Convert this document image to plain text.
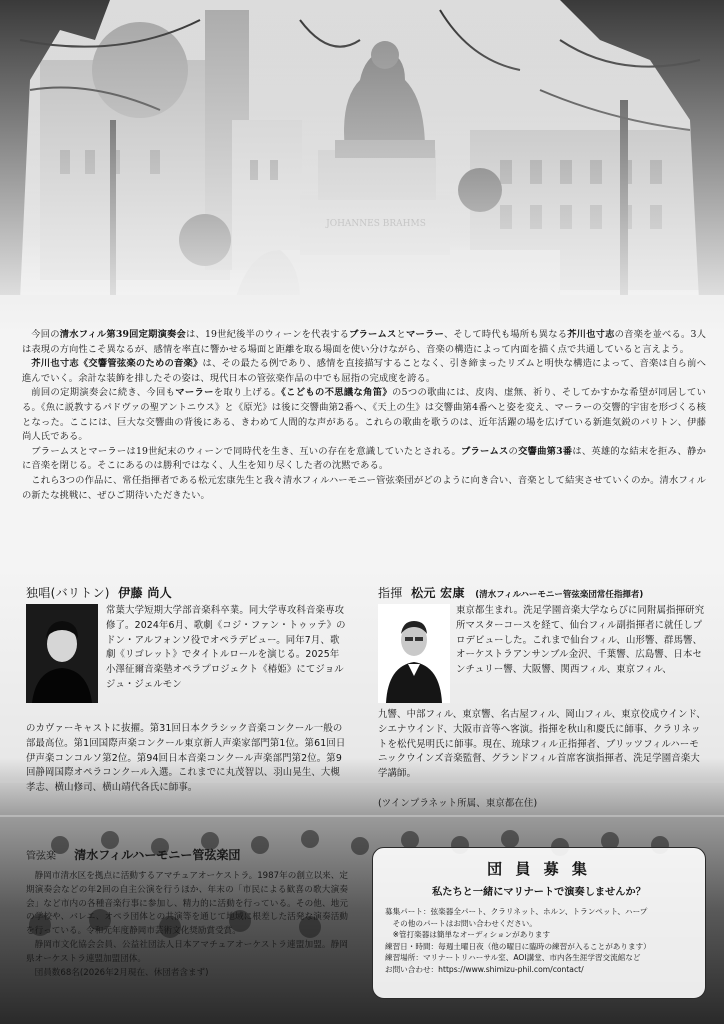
今回の清水フィル第39回定期演奏会は、19世紀後半のウィーンを代表するブラームスとマーラー、そして時代も場所も異なる芥川也寸志の音楽を並べる。3人は表現の方向性こそ異なるが、感情を率直に響かせる場面と距離を取る場面を使い分けながら、音楽の構造によって内面を描く点で共通していると言えよう。

芥川也寸志《交響管弦楽のための音楽》は、その最たる例であり、感情を直接描写することなく、引き締まったリズムと明快な構造によって、音楽は自ら前へ進んでいく。余計な装飾を排したその姿は、現代日本の管弦楽作品の中でも屈指の完成度を誇る。

前回の定期演奏会に続き、今回もマーラーを取り上げる。《こどもの不思議な角笛》の5つの歌曲には、皮肉、虚無、祈り、そしてかすかな希望が同居している。《魚に説教するパドヴァの聖アントニウス》と《原光》は後に交響曲第2番へ、《天上の生》は交響曲第4番へと姿を変え、マーラーの交響的宇宙を形づくる核となった。ここには、巨大な交響曲の背後にある、きわめて人間的な声がある。これらの歌曲を歌うのは、近年活躍の場を広げている新進気鋭のバリトン、伊藤尚人氏である。

ブラームスとマーラーは19世紀末のウィーンで同時代を生き、互いの存在を意識していたとされる。ブラームスの交響曲第3番は、英雄的な結末を拒み、静かに音楽を閉じる。そこにあるのは勝利ではなく、人生を知り尽くした者の沈黙である。

これら3つの作品に、常任指揮者である松元宏康先生と我々清水フィルハーモニー管弦楽団がどのように向き合い、音楽として結実させていくのか。清水フィルの新たな挑戦に、ぜひご期待いただきたい。

独唱(バリトン) 伊藤 尚人
常葉大学短期大学部音楽科卒業。同大学専攻科音楽専攻修了。2024年6月、歌劇《コジ・ファン・トゥッテ》のドン・アルフォンソ役でオペラデビュー。同年7月、歌劇《リゴレット》でタイトルロールを演じる。2025年小澤征爾音楽塾オペラプロジェクト《椿姫》にてジョルジュ・ジェルモン
のカヴァーキャストに抜擢。第31回日本クラシック音楽コンクール一般の部最高位。第1回国際声楽コンクール東京新人声楽家部門第1位。第61回日伊声楽コンコルソ第2位。第94回日本音楽コンクール声楽部門第2位。第9回静岡国際オペラコンクール入選。これまでに丸茂智以、羽山晃生、大槻孝志、横山修司、横山靖代各氏に師事。
指揮 松元 宏康 (清水フィルハーモニー管弦楽団常任指揮者)
東京都生まれ。洗足学園音楽大学ならびに同附属指揮研究所マスターコースを経て、仙台フィル副指揮者に就任しプロデビューした。これまで仙台フィル、山形響、群馬響、オーケストラアンサンブル金沢、千葉響、広島響、日本センチュリー響、大阪響、関西フィル、東京フィル、
九響、中部フィル、東京響、名古屋フィル、岡山フィル、東京佼成ウインド、シエナウインド、大阪市音等へ客演。指揮を秋山和慶氏に師事、クラリネットを松代晃明氏に師事。現在、琉球フィル正指揮者、ブリッツフィルハーモニックウインズ音楽監督、グランドフィル首席客演指揮者、洗足学園音楽大学講師。
(ツインプラネット所属、東京都在住)
管弦楽 清水フィルハーモニー管弦楽団

静岡市清水区を拠点に活動するアマチュアオーケストラ。1987年の創立以来、定期演奏会などの年2回の自主公演を行うほか、年末の「市民による歓喜の歌大演奏会」など市内の各種音楽行事に参加し、精力的に活動を行っている。その他、地元の学校や、バレエ、オペラ団体との共演等を通じて地域に根差した活発な演奏活動を行っている。令和元年度静岡市芸術文化奨励賞受賞。

静岡市文化協会会員、公益社団法人日本アマチュアオーケストラ連盟加盟。静岡県オーケストラ連盟加盟団体。

団員数68名(2026年2月現在、休団者含まず)

団 員 募 集
私たちと一緒にマリナートで演奏しませんか？
募集パート：弦楽器全パート、クラリネット、ホルン、トランペット、ハープ
　その他のパートはお問い合わせください。
　※管打楽器は簡単なオーディションがあります
練習日・時間：毎週土曜日夜（他の曜日に臨時の練習が入ることがあります）
練習場所：マリナートリハーサル室、AOI講堂、市内各生涯学習交流館など
お問い合わせ：https://www.shimizu-phil.com/contact/
